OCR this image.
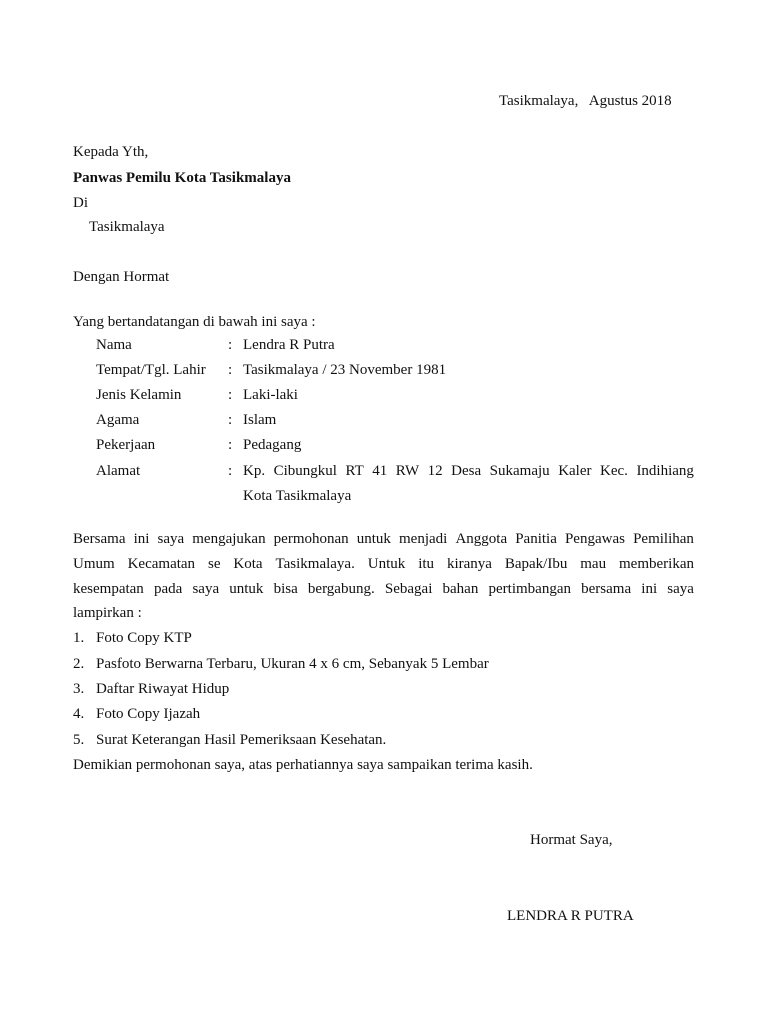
Tasikmalaya,   Agustus 2018
Kepada Yth,
Panwas Pemilu Kota Tasikmalaya
Di
Tasikmalaya
Dengan Hormat
Yang bertandatangan di bawah ini saya :
Nama	: Lendra R Putra
Tempat/Tgl. Lahir : Tasikmalaya / 23 November 1981
Jenis Kelamin	: Laki-laki
Agama	: Islam
Pekerjaan	: Pedagang
Alamat	: Kp. Cibungkul RT 41 RW 12 Desa Sukamaju Kaler Kec. Indihiang
Kota Tasikmalaya
Bersama ini saya mengajukan permohonan untuk menjadi Anggota Panitia Pengawas Pemilihan
Umum Kecamatan se Kota Tasikmalaya. Untuk itu kiranya Bapak/Ibu mau memberikan
kesempatan pada saya untuk bisa bergabung. Sebagai bahan pertimbangan bersama ini saya
lampirkan :
1. Foto Copy KTP
2. Pasfoto Berwarna Terbaru, Ukuran 4 x 6 cm, Sebanyak 5 Lembar
3. Daftar Riwayat Hidup
4. Foto Copy Ijazah
5. Surat Keterangan Hasil Pemeriksaan Kesehatan.
Demikian permohonan saya, atas perhatiannya saya sampaikan terima kasih.
Hormat Saya,
LENDRA R PUTRA
